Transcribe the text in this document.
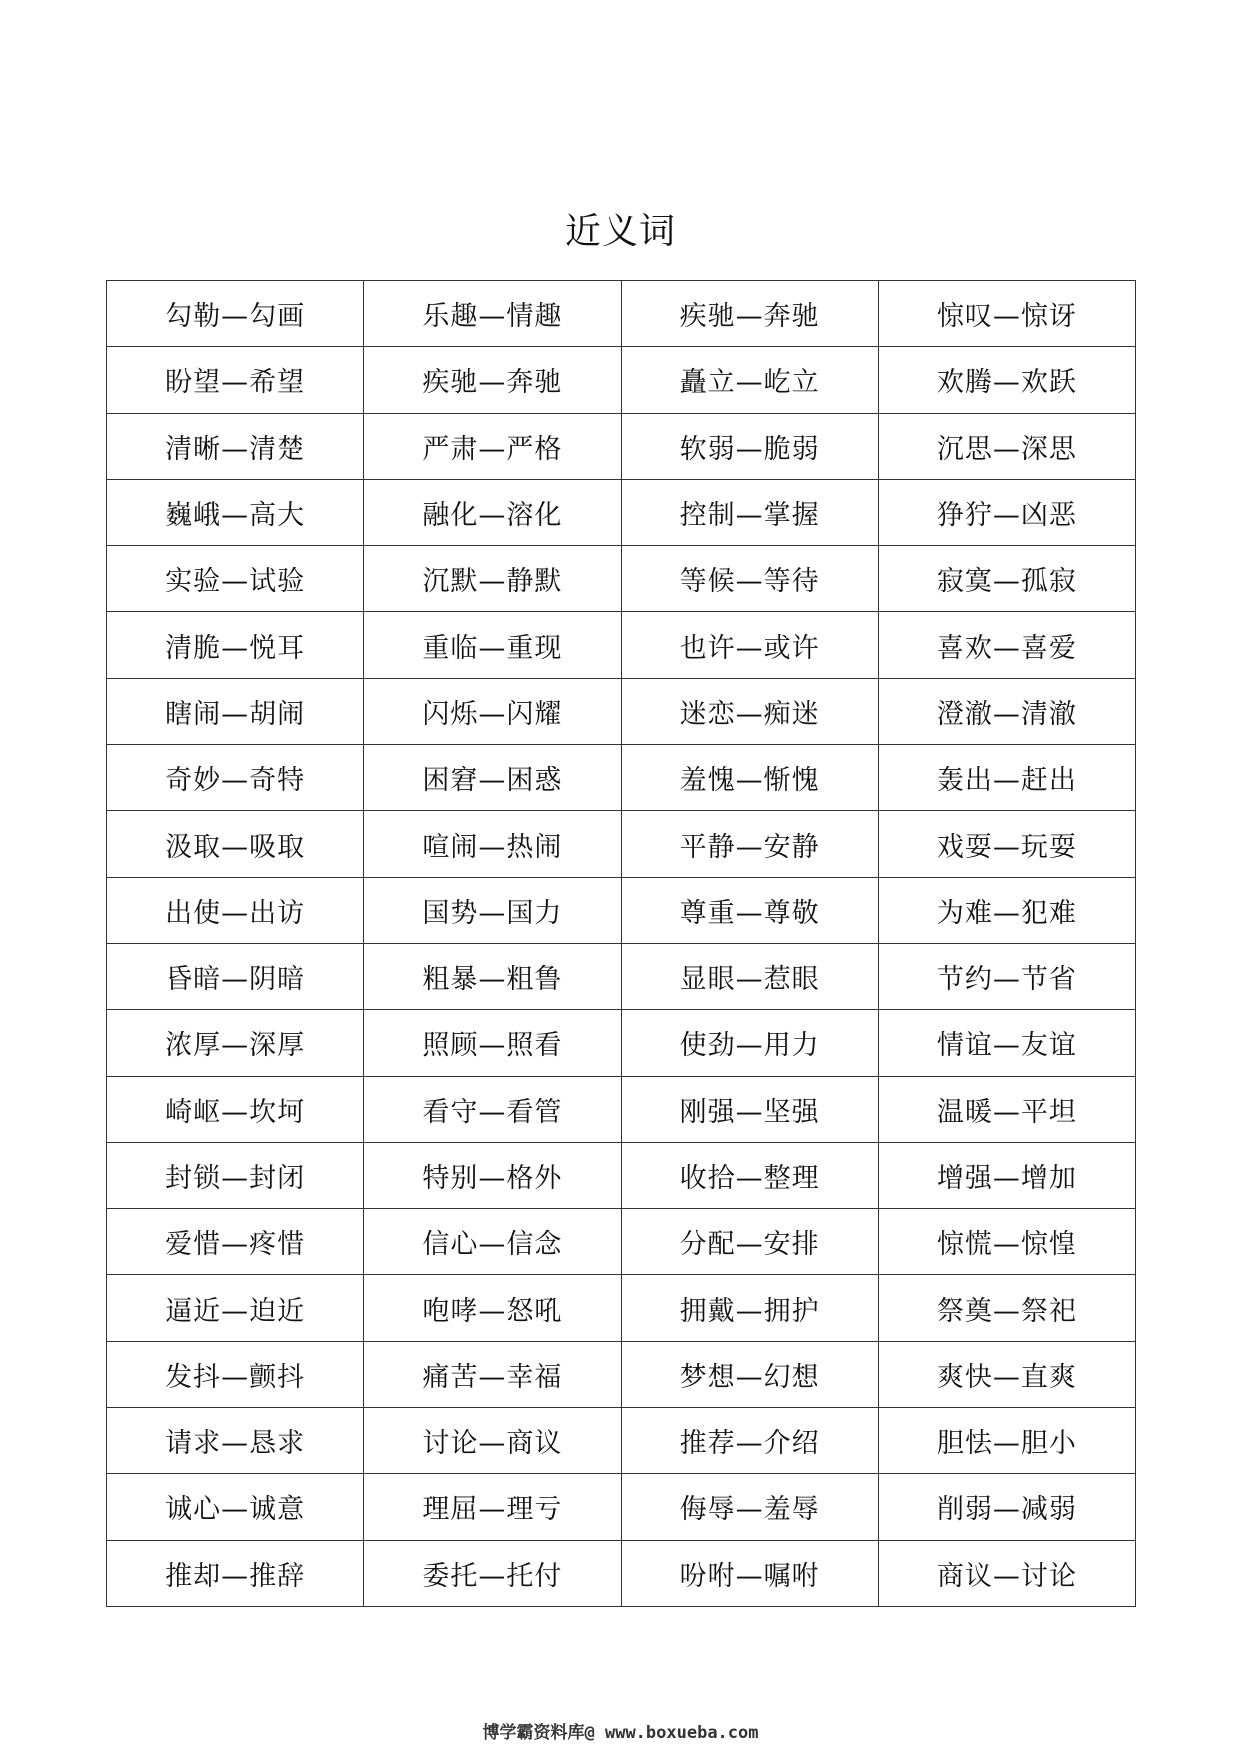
近义词
勾勒—勾画	乐趣—情趣	疾驰—奔驰	惊叹—惊讶
盼望—希望	疾驰—奔驰	矗立—屹立	欢腾—欢跃
清晰—清楚	严肃—严格	软弱—脆弱	沉思—深思
巍峨—高大	融化—溶化	控制—掌握	狰狞—凶恶
实验—试验	沉默—静默	等候—等待	寂寞—孤寂
清脆—悦耳	重临—重现	也许—或许	喜欢—喜爱
瞎闹—胡闹	闪烁—闪耀	迷恋—痴迷	澄澈—清澈
奇妙—奇特	困窘—困惑	羞愧—惭愧	轰出—赶出
汲取—吸取	喧闹—热闹	平静—安静	戏耍—玩耍
出使—出访	国势—国力	尊重—尊敬	为难—犯难
昏暗—阴暗	粗暴—粗鲁	显眼—惹眼	节约—节省
浓厚—深厚	照顾—照看	使劲—用力	情谊—友谊
崎岖—坎坷	看守—看管	刚强—坚强	温暖—平坦
封锁—封闭	特别—格外	收拾—整理	增强—增加
爱惜—疼惜	信心—信念	分配—安排	惊慌—惊惶
逼近—迫近	咆哮—怒吼	拥戴—拥护	祭奠—祭祀
发抖—颤抖	痛苦—幸福	梦想—幻想	爽快—直爽
请求—恳求	讨论—商议	推荐—介绍	胆怯—胆小
诚心—诚意	理屈—理亏	侮辱—羞辱	削弱—减弱
推却—推辞	委托—托付	吩咐—嘱咐	商议—讨论
博学霸资料库@ www.boxueba.com
